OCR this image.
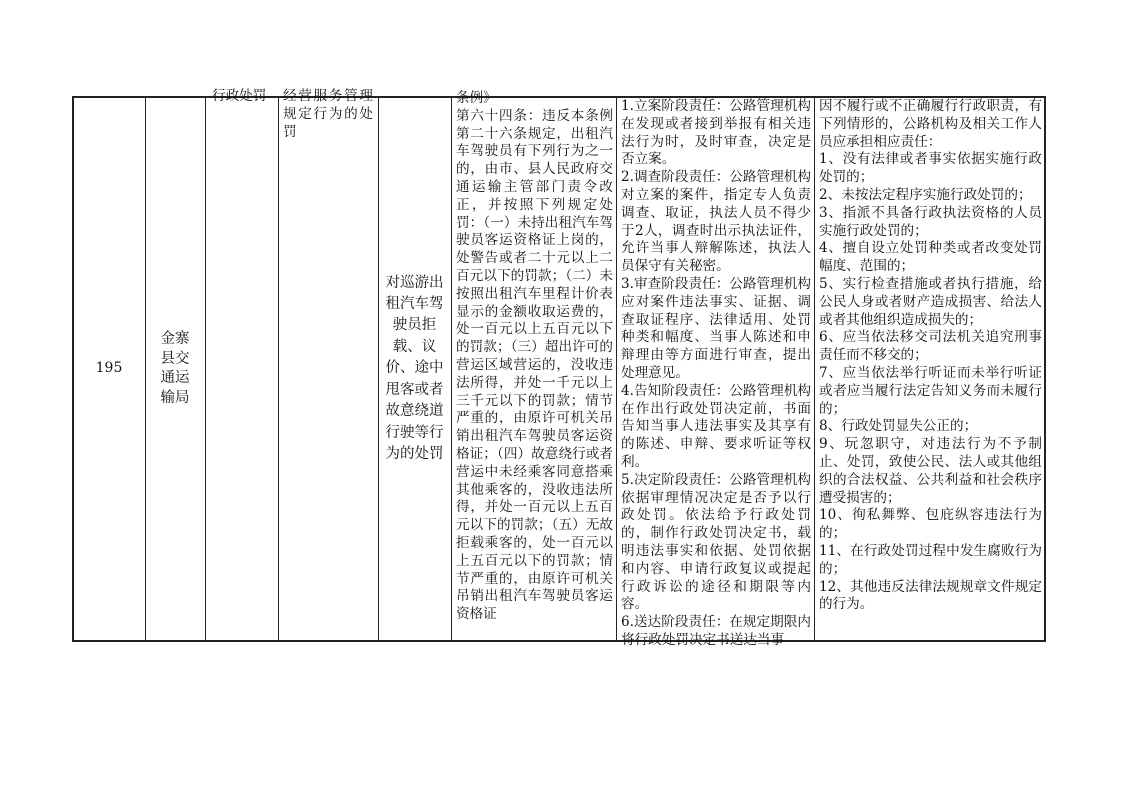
195
金寨县交通运输局
行政处罚 经营服务管理规定行为的处罚

对巡游出租汽车驾驶员拒载、议价、途中甩客或者故意绕道行驶等行为的处罚

条例》
第六十四条：违反本条例第二十六条规定，出租汽车驾驶员有下列行为之一的，由市、县人民政府交通运输主管部门责令改正，并按照下列规定处罚：（一）未持出租汽车驾驶员客运资格证上岗的，处警告或者二十元以上二百元以下的罚款；（二）未按照出租汽车里程计价表显示的金额收取运费的，处一百元以上五百元以下的罚款；（三）超出许可的营运区域营运的，没收违法所得，并处一千元以上三千元以下的罚款；情节严重的，由原许可机关吊销出租汽车驾驶员客运资格证；（四）故意绕行或者营运中未经乘客同意搭乘其他乘客的，没收违法所得，并处一百元以上五百元以下的罚款；（五）无故拒载乘客的，处一百元以上五百元以下的罚款；情节严重的，由原许可机关吊销出租汽车驾驶员客运资格证

1.立案阶段责任：公路管理机构在发现或者接到举报有相关违法行为时，及时审查，决定是否立案。
2.调查阶段责任：公路管理机构对立案的案件，指定专人负责调查、取证，执法人员不得少于2人，调查时出示执法证件，允许当事人辩解陈述，执法人员保守有关秘密。
3.审查阶段责任：公路管理机构应对案件违法事实、证据、调查取证程序、法律适用、处罚种类和幅度、当事人陈述和申辩理由等方面进行审查，提出处理意见。
4.告知阶段责任：公路管理机构在作出行政处罚决定前，书面告知当事人违法事实及其享有的陈述、申辩、要求听证等权利。
5.决定阶段责任：公路管理机构依据审理情况决定是否予以行政处罚。依法给予行政处罚的，制作行政处罚决定书，载明违法事实和依据、处罚依据和内容、申请行政复议或提起行政诉讼的途径和期限等内容。
6.送达阶段责任：在规定期限内将行政处罚决定书送达当事

因不履行或不正确履行行政职责，有下列情形的，公路机构及相关工作人员应承担相应责任：
1、没有法律或者事实依据实施行政处罚的；
2、未按法定程序实施行政处罚的；
3、指派不具备行政执法资格的人员实施行政处罚的；
4、擅自设立处罚种类或者改变处罚幅度、范围的；
5、实行检查措施或者执行措施，给公民人身或者财产造成损害、给法人或者其他组织造成损失的；
6、应当依法移交司法机关追究刑事责任而不移交的；
7、应当依法举行听证而未举行听证或者应当履行法定告知义务而未履行的；
8、行政处罚显失公正的；
9、玩忽职守，对违法行为不予制止、处罚，致使公民、法人或其他组织的合法权益、公共利益和社会秩序遭受损害的；
10、徇私舞弊、包庇纵容违法行为的；
11、在行政处罚过程中发生腐败行为的；
12、其他违反法律法规规章文件规定的行为。
